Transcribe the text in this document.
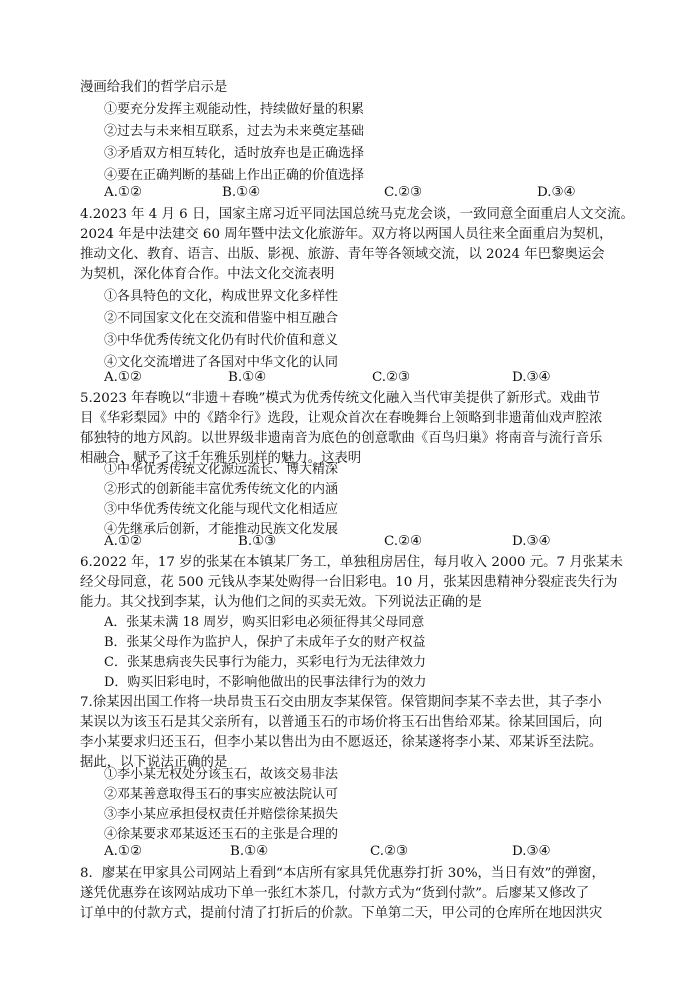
漫画给我们的哲学启示是
①要充分发挥主观能动性，持续做好量的积累
②过去与未来相互联系，过去为未来奠定基础
③矛盾双方相互转化，适时放弃也是正确选择
④要在正确判断的基础上作出正确的价值选择
A.①②	B.①④	C.②③	D.③④
4.2023 年 4 月 6 日，国家主席习近平同法国总统马克龙会谈，一致同意全面重启人文交流。
2024 年是中法建交 60 周年暨中法文化旅游年。双方将以两国人员往来全面重启为契机，
推动文化、教育、语言、出版、影视、旅游、青年等各领域交流，以 2024 年巴黎奥运会
为契机，深化体育合作。中法文化交流表明
①各具特色的文化，构成世界文化多样性
②不同国家文化在交流和借鉴中相互融合
③中华优秀传统文化仍有时代价值和意义
④文化交流增进了各国对中华文化的认同
A.①②	B.①④	C.②③	D.③④
5.2023 年春晚以“非遗＋春晚”模式为优秀传统文化融入当代审美提供了新形式。戏曲节
目《华彩梨园》中的《踏伞行》选段，让观众首次在春晚舞台上领略到非遗莆仙戏声腔浓
郁独特的地方风韵。以世界级非遗南音为底色的创意歌曲《百鸟归巢》将南音与流行音乐
相融合，赋予了这千年雅乐别样的魅力。这表明
①中华优秀传统文化源远流长、博大精深
②形式的创新能丰富优秀传统文化的内涵
③中华优秀传统文化能与现代文化相适应
④先继承后创新，才能推动民族文化发展
A.①②	B.①③	C.②④	D.③④
6.2022 年，17 岁的张某在本镇某厂务工，单独租房居住，每月收入 2000 元。7 月张某未
经父母同意，花 500 元钱从李某处购得一台旧彩电。10 月，张某因患精神分裂症丧失行为
能力。其父找到李某，认为他们之间的买卖无效。下列说法正确的是
A．张某未满 18 周岁，购买旧彩电必须征得其父母同意
B．张某父母作为监护人，保护了未成年子女的财产权益
C．张某患病丧失民事行为能力，买彩电行为无法律效力
D．购买旧彩电时，不影响他做出的民事法律行为的效力
7.徐某因出国工作将一块昂贵玉石交由朋友李某保管。保管期间李某不幸去世，其子李小
某误以为该玉石是其父亲所有，以普通玉石的市场价将玉石出售给邓某。徐某回国后，向
李小某要求归还玉石，但李小某以售出为由不愿返还，徐某遂将李小某、邓某诉至法院。
据此，以下说法正确的是
①李小某无权处分该玉石，故该交易非法
②邓某善意取得玉石的事实应被法院认可
③李小某应承担侵权责任并赔偿徐某损失
④徐某要求邓某返还玉石的主张是合理的
A.①②	B.①④	C.②③	D.③④
8．廖某在甲家具公司网站上看到“本店所有家具凭优惠券打折 30%，当日有效”的弹窗，
遂凭优惠券在该网站成功下单一张红木茶几，付款方式为“货到付款”。后廖某又修改了
订单中的付款方式，提前付清了打折后的价款。下单第二天，甲公司的仓库所在地因洪灾
